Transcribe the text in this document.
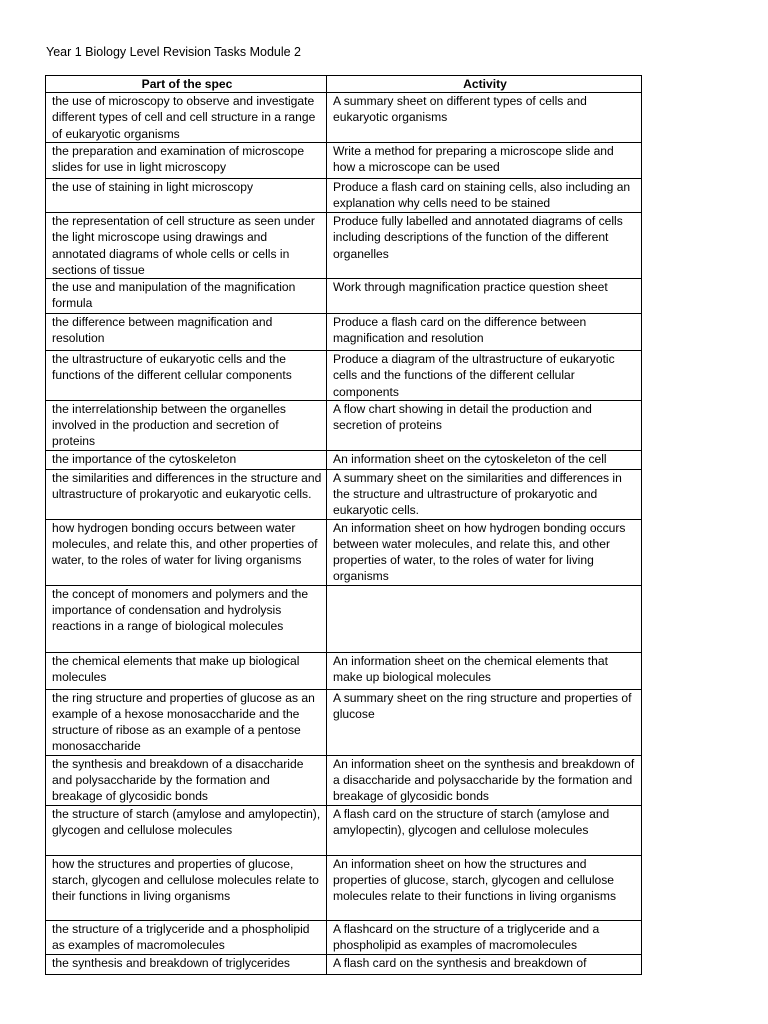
Year 1 Biology Level Revision Tasks Module 2
Part of the spec	Activity
the use of microscopy to observe and investigate different types of cell and cell structure in a range of eukaryotic organisms	A summary sheet on different types of cells and eukaryotic organisms
the preparation and examination of microscope slides for use in light microscopy	Write a method for preparing a microscope slide and how a microscope can be used
the use of staining in light microscopy	Produce a flash card on staining cells, also including an explanation why cells need to be stained
the representation of cell structure as seen under the light microscope using drawings and annotated diagrams of whole cells or cells in sections of tissue	Produce fully labelled and annotated diagrams of cells including descriptions of the function of the different organelles
the use and manipulation of the magnification formula	Work through magnification practice question sheet
the difference between magnification and resolution	Produce a flash card on the difference between magnification and resolution
the ultrastructure of eukaryotic cells and the functions of the different cellular components	Produce a diagram of the ultrastructure of eukaryotic cells and the functions of the different cellular components
the interrelationship between the organelles involved in the production and secretion of proteins	A flow chart showing in detail the production and secretion of proteins
the importance of the cytoskeleton	An information sheet on the cytoskeleton of the cell
the similarities and differences in the structure and ultrastructure of prokaryotic and eukaryotic cells.	A summary sheet on the similarities and differences in the structure and ultrastructure of prokaryotic and eukaryotic cells.
how hydrogen bonding occurs between water molecules, and relate this, and other properties of water, to the roles of water for living organisms	An information sheet on how hydrogen bonding occurs between water molecules, and relate this, and other properties of water, to the roles of water for living organisms
the concept of monomers and polymers and the importance of condensation and hydrolysis reactions in a range of biological molecules	
the chemical elements that make up biological molecules	An information sheet on the chemical elements that make up biological molecules
the ring structure and properties of glucose as an example of a hexose monosaccharide and the structure of ribose as an example of a pentose monosaccharide	A summary sheet on the ring structure and properties of glucose
the synthesis and breakdown of a disaccharide and polysaccharide by the formation and breakage of glycosidic bonds	An information sheet on the synthesis and breakdown of a disaccharide and polysaccharide by the formation and breakage of glycosidic bonds
the structure of starch (amylose and amylopectin), glycogen and cellulose molecules	A flash card on the structure of starch (amylose and amylopectin), glycogen and cellulose molecules
how the structures and properties of glucose, starch, glycogen and cellulose molecules relate to their functions in living organisms	An information sheet on how the structures and properties of glucose, starch, glycogen and cellulose molecules relate to their functions in living organisms
the structure of a triglyceride and a phospholipid as examples of macromolecules	A flashcard on the structure of a triglyceride and a phospholipid as examples of macromolecules
the synthesis and breakdown of triglycerides	A flash card on the synthesis and breakdown of
